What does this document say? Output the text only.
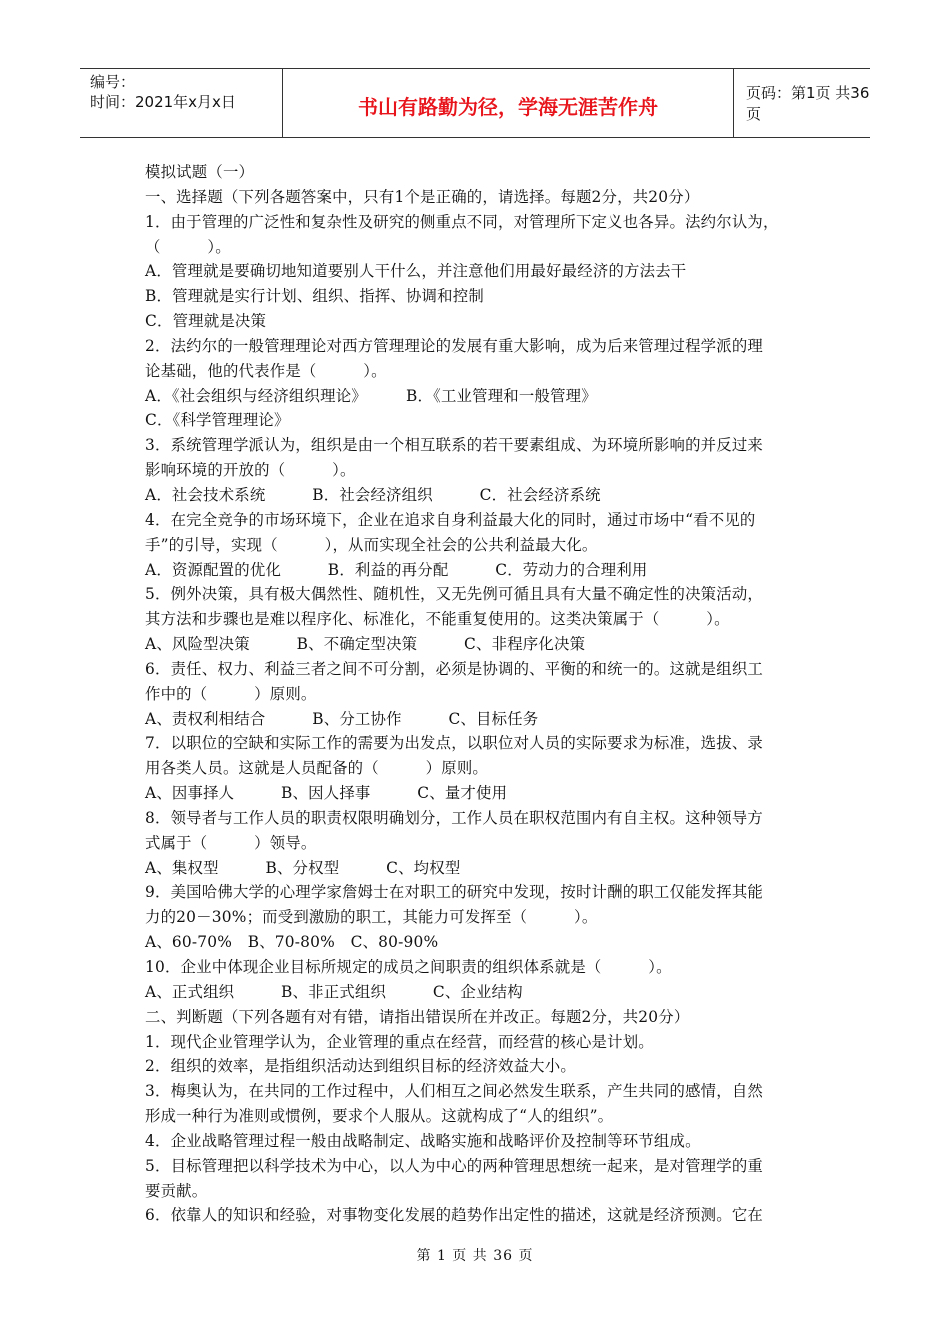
编号：
时间：2021年x月x日	书山有路勤为径，学海无涯苦作舟
页码：第1页 共36页
模拟试题（一）
一、选择题（下列各题答案中，只有1个是正确的，请选择。每题2分，共20分）
1．由于管理的广泛性和复杂性及研究的侧重点不同，对管理所下定义也各异。法约尔认为，
（　　　）。
A．管理就是要确切地知道要别人干什么，并注意他们用最好最经济的方法去干
B．管理就是实行计划、组织、指挥、协调和控制
C．管理就是决策
2．法约尔的一般管理理论对西方管理理论的发展有重大影响，成为后来管理过程学派的理
论基础，他的代表作是（　　　）。
A．《社会组织与经济组织理论》　　　B．《工业管理和一般管理》
C．《科学管理理论》
3．系统管理学派认为，组织是由一个相互联系的若干要素组成、为环境所影响的并反过来
影响环境的开放的（　　　）。
A．社会技术系统　　　B．社会经济组织　　　C．社会经济系统
4．在完全竞争的市场环境下，企业在追求自身利益最大化的同时，通过市场中“看不见的
手”的引导，实现（　　　），从而实现全社会的公共利益最大化。
A．资源配置的优化　　　B．利益的再分配　　　C．劳动力的合理利用
5．例外决策，具有极大偶然性、随机性，又无先例可循且具有大量不确定性的决策活动，
其方法和步骤也是难以程序化、标准化，不能重复使用的。这类决策属于（　　　）。
A、风险型决策　　　B、不确定型决策　　　C、非程序化决策
6．责任、权力、利益三者之间不可分割，必须是协调的、平衡的和统一的。这就是组织工
作中的（　　　）原则。
A、责权利相结合　　　B、分工协作　　　C、目标任务
7．以职位的空缺和实际工作的需要为出发点，以职位对人员的实际要求为标准，选拔、录
用各类人员。这就是人员配备的（　　　）原则。
A、因事择人　　　B、因人择事　　　C、量才使用
8．领导者与工作人员的职责权限明确划分，工作人员在职权范围内有自主权。这种领导方
式属于（　　　）领导。
A、集权型　　　B、分权型　　　C、均权型
9．美国哈佛大学的心理学家詹姆士在对职工的研究中发现，按时计酬的职工仅能发挥其能
力的20－30%；而受到激励的职工，其能力可发挥至（　　　）。
A、60-70%　B、70-80%　C、80-90%
10．企业中体现企业目标所规定的成员之间职责的组织体系就是（　　　）。
A、正式组织　　　B、非正式组织　　　C、企业结构
二、判断题（下列各题有对有错，请指出错误所在并改正。每题2分，共20分）
1．现代企业管理学认为，企业管理的重点在经营，而经营的核心是计划。
2．组织的效率，是指组织活动达到组织目标的经济效益大小。
3．梅奥认为，在共同的工作过程中，人们相互之间必然发生联系，产生共同的感情，自然
形成一种行为准则或惯例，要求个人服从。这就构成了“人的组织”。
4．企业战略管理过程一般由战略制定、战略实施和战略评价及控制等环节组成。
5．目标管理把以科学技术为中心，以人为中心的两种管理思想统一起来，是对管理学的重
要贡献。
6．依靠人的知识和经验，对事物变化发展的趋势作出定性的描述，这就是经济预测。它在
第 1 页 共 36 页
